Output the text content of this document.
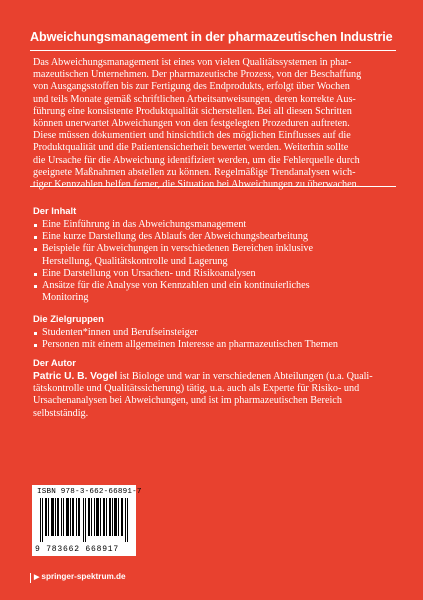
Abweichungsmanagement in der pharmazeutischen Industrie

Das Abweichungsmanagement ist eines von vielen Qualitätssystemen in phar-

mazeutischen Unternehmen. Der pharmazeutische Prozess, von der Beschaffung

von Ausgangsstoffen bis zur Fertigung des Endprodukts, erfolgt über Wochen

und teils Monate gemäß schriftlichen Arbeitsanweisungen, deren korrekte Aus-

führung eine konsistente Produktqualität sicherstellen. Bei all diesen Schritten

können unerwartet Abweichungen von den festgelegten Prozeduren auftreten.

Diese müssen dokumentiert und hinsichtlich des möglichen Einflusses auf die

Produktqualität und die Patientensicherheit bewertet werden. Weiterhin sollte

die Ursache für die Abweichung identifiziert werden, um die Fehlerquelle durch

geeignete Maßnahmen abstellen zu können. Regelmäßige Trendanalysen wich-

tiger Kennzahlen helfen ferner, die Situation bei Abweichungen zu überwachen.

Der Inhalt
Eine Einführung in das Abweichungsmanagement
Eine kurze Darstellung des Ablaufs der Abweichungsbearbeitung
Beispiele für Abweichungen in verschiedenen Bereichen inklusive
Herstellung, Qualitätskontrolle und Lagerung
Eine Darstellung von Ursachen- und Risikoanalysen
Ansätze für die Analyse von Kennzahlen und ein kontinuierliches
Monitoring
Die Zielgruppen
Studenten*innen und Berufseinsteiger
Personen mit einem allgemeinen Interesse an pharmazeutischen Themen
Der Autor

Patric U. B. Vogel ist Biologe und war in verschiedenen Abteilungen (u.a. Quali-

tätskontrolle und Qualitätssicherung) tätig, u.a. auch als Experte für Risiko- und

Ursachenanalysen bei Abweichungen, und ist im pharmazeutischen Bereich

selbstständig.

ISBN 978-3-662-66891-7
9 783662 668917
▶ springer-spektrum.de
